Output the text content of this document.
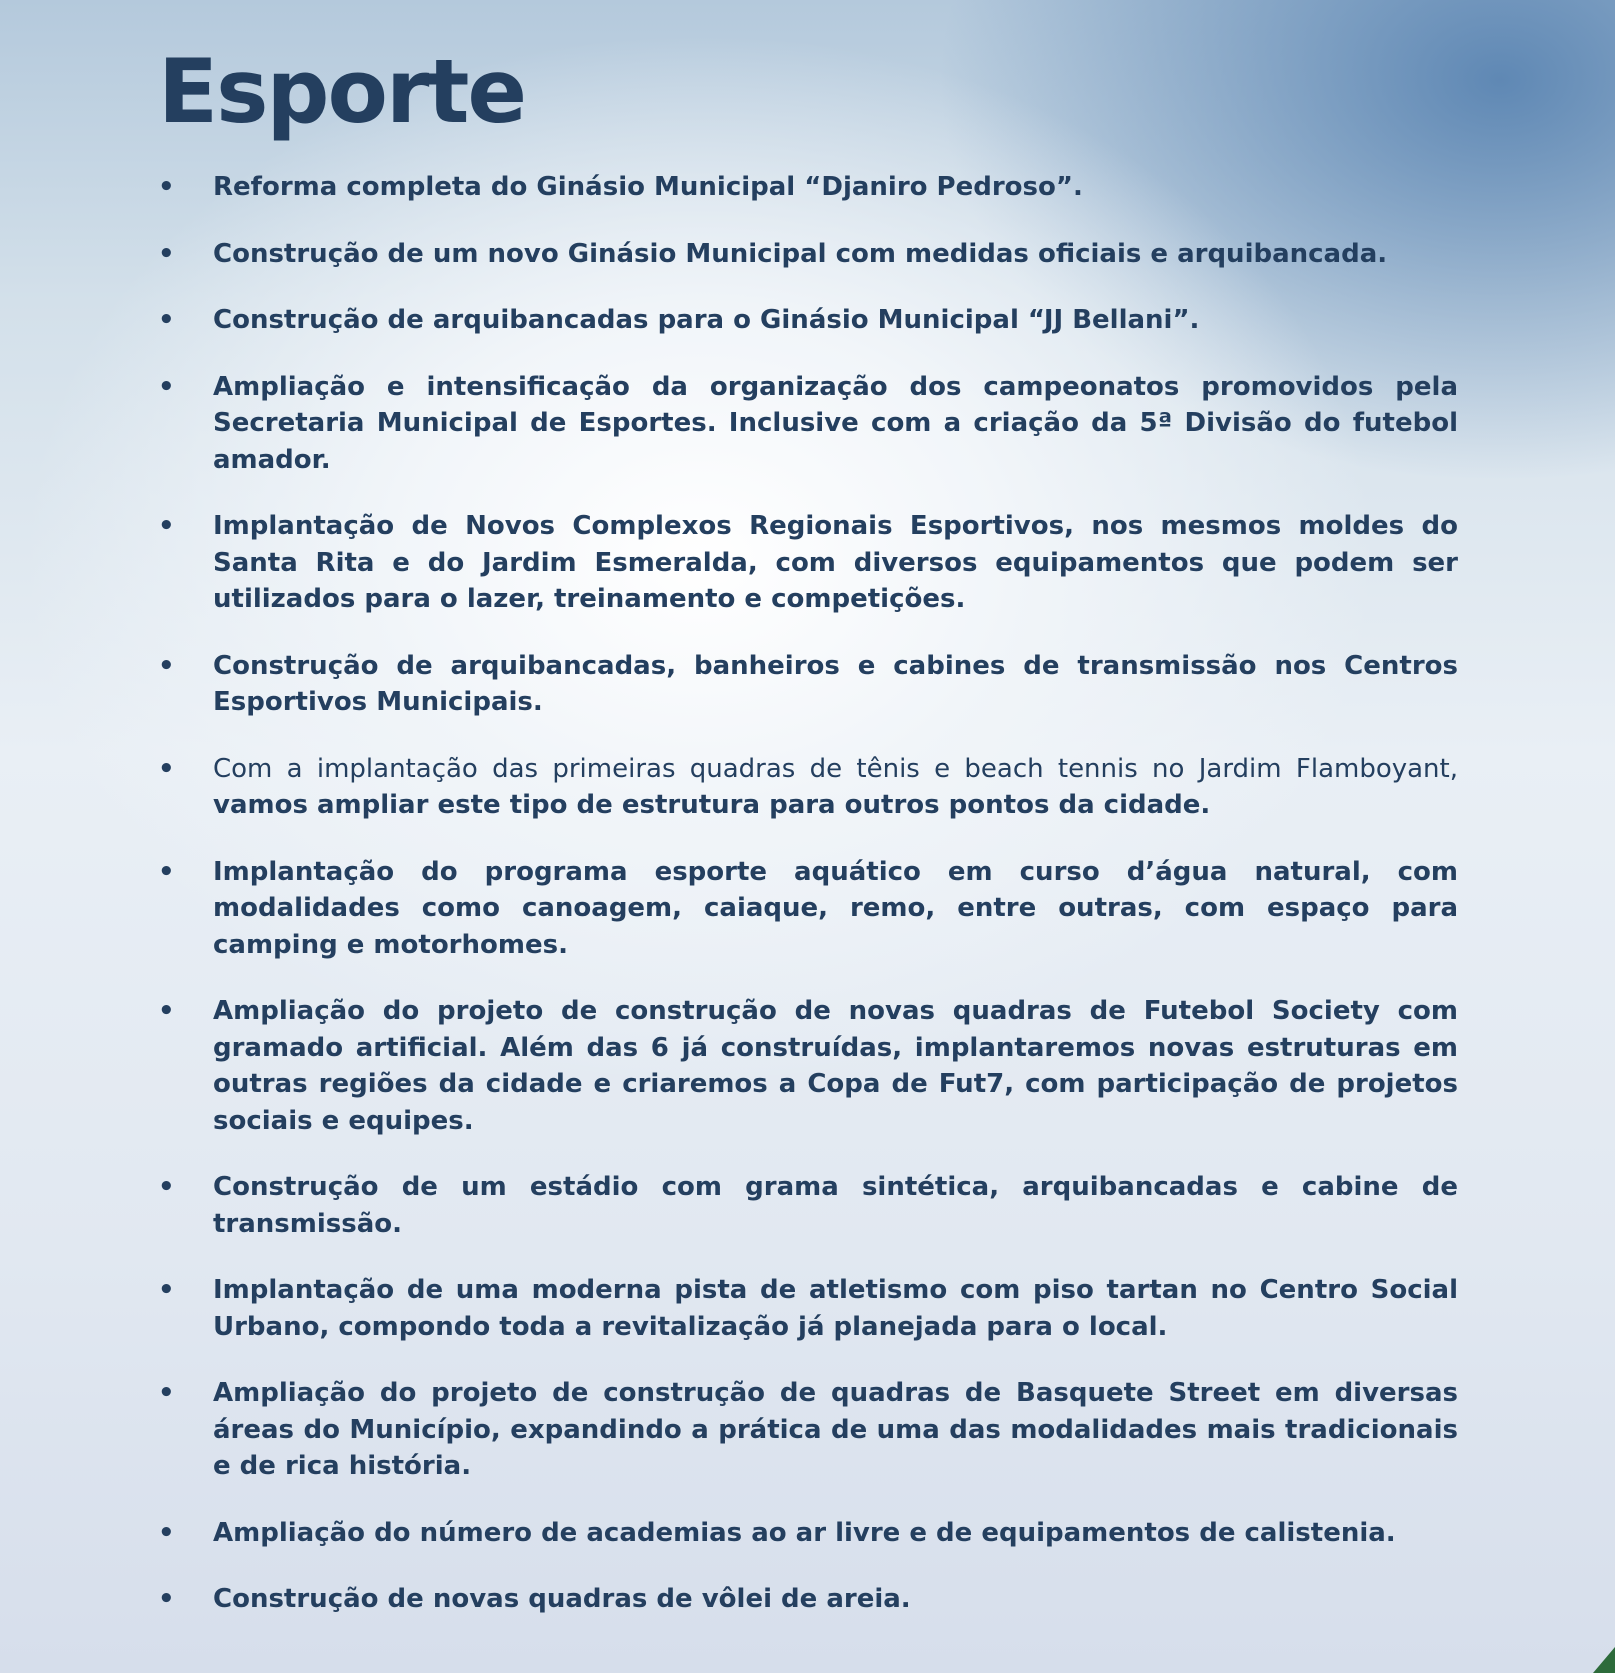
Esporte
• Reforma completa do Ginásio Municipal “Djaniro Pedroso”.
• Construção de um novo Ginásio Municipal com medidas oficiais e arquibancada.
• Construção de arquibancadas para o Ginásio Municipal “JJ Bellani”.
• Ampliação e intensificação da organização dos campeonatos promovidos pela Secretaria Municipal de Esportes. Inclusive com a criação da 5ª Divisão do futebol amador.
• Implantação de Novos Complexos Regionais Esportivos, nos mesmos moldes do Santa Rita e do Jardim Esmeralda, com diversos equipamentos que podem ser utilizados para o lazer, treinamento e competições.
• Construção de arquibancadas, banheiros e cabines de transmissão nos Centros Esportivos Municipais.
• Com a implantação das primeiras quadras de tênis e beach tennis no Jardim Flamboyant, vamos ampliar este tipo de estrutura para outros pontos da cidade.
• Implantação do programa esporte aquático em curso d’água natural, com modalidades como canoagem, caiaque, remo, entre outras, com espaço para camping e motorhomes.
• Ampliação do projeto de construção de novas quadras de Futebol Society com gramado artificial. Além das 6 já construídas, implantaremos novas estruturas em outras regiões da cidade e criaremos a Copa de Fut7, com participação de projetos sociais e equipes.
• Construção de um estádio com grama sintética, arquibancadas e cabine de transmissão.
• Implantação de uma moderna pista de atletismo com piso tartan no Centro Social Urbano, compondo toda a revitalização já planejada para o local.
• Ampliação do projeto de construção de quadras de Basquete Street em diversas áreas do Município, expandindo a prática de uma das modalidades mais tradicionais e de rica história.
• Ampliação do número de academias ao ar livre e de equipamentos de calistenia.
• Construção de novas quadras de vôlei de areia.
